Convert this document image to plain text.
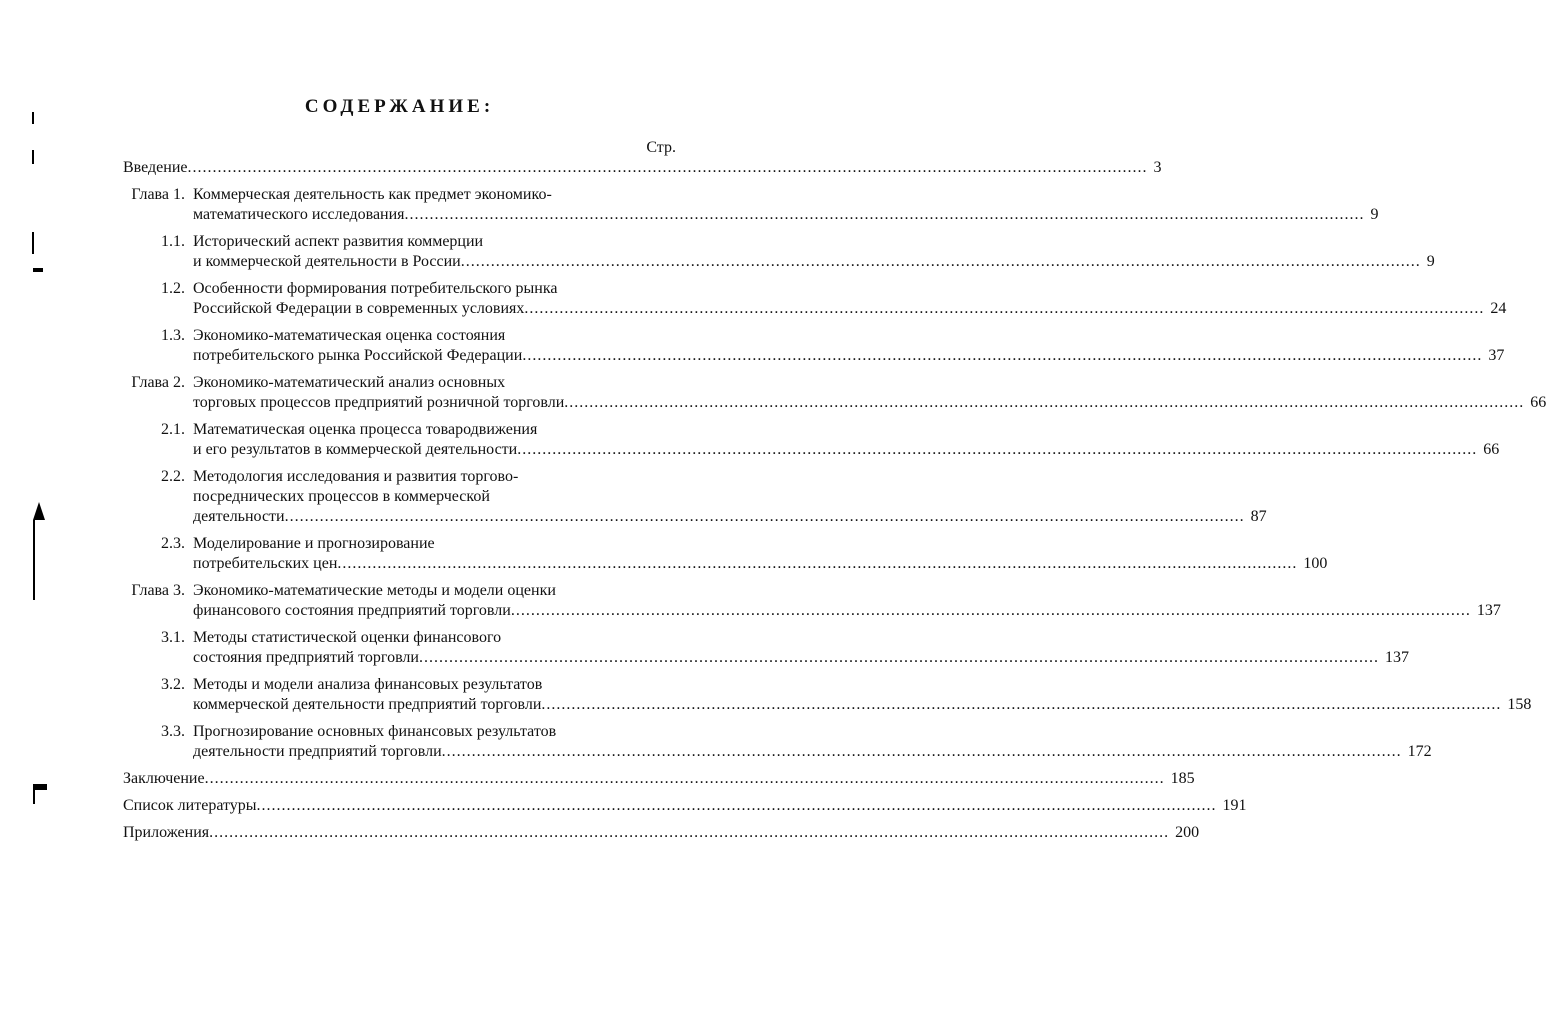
СОДЕРЖАНИЕ:
Стр.
Введение ................................................................................................................................................................................................ 3
Глава 1. Коммерческая деятельность как предмет экономико-
математического исследования ................................................................................................................................................................................................ 9
1.1. Исторический аспект развития коммерции
и коммерческой деятельности в России ................................................................................................................................................................................................ 9
1.2. Особенности формирования потребительского рынка
Российской Федерации в современных условиях ................................................................................................................................................................................................ 24
1.3. Экономико-математическая оценка состояния
потребительского рынка Российской Федерации ................................................................................................................................................................................................ 37
Глава 2. Экономико-математический анализ основных
торговых процессов предприятий розничной торговли ................................................................................................................................................................................................ 66
2.1. Математическая оценка процесса товародвижения
и его результатов в коммерческой деятельности ................................................................................................................................................................................................ 66
2.2. Методология исследования и развития торгово-
посреднических процессов в коммерческой
деятельности ................................................................................................................................................................................................ 87
2.3. Моделирование и прогнозирование
потребительских цен ................................................................................................................................................................................................ 100
Глава 3. Экономико-математические методы и модели оценки
финансового состояния предприятий торговли ................................................................................................................................................................................................ 137
3.1. Методы статистической оценки финансового
состояния предприятий торговли ................................................................................................................................................................................................ 137
3.2. Методы и модели анализа финансовых результатов
коммерческой деятельности предприятий торговли ................................................................................................................................................................................................ 158
3.3. Прогнозирование основных финансовых результатов
деятельности предприятий торговли ................................................................................................................................................................................................ 172
Заключение ................................................................................................................................................................................................ 185
Список литературы ................................................................................................................................................................................................ 191
Приложения ................................................................................................................................................................................................ 200
